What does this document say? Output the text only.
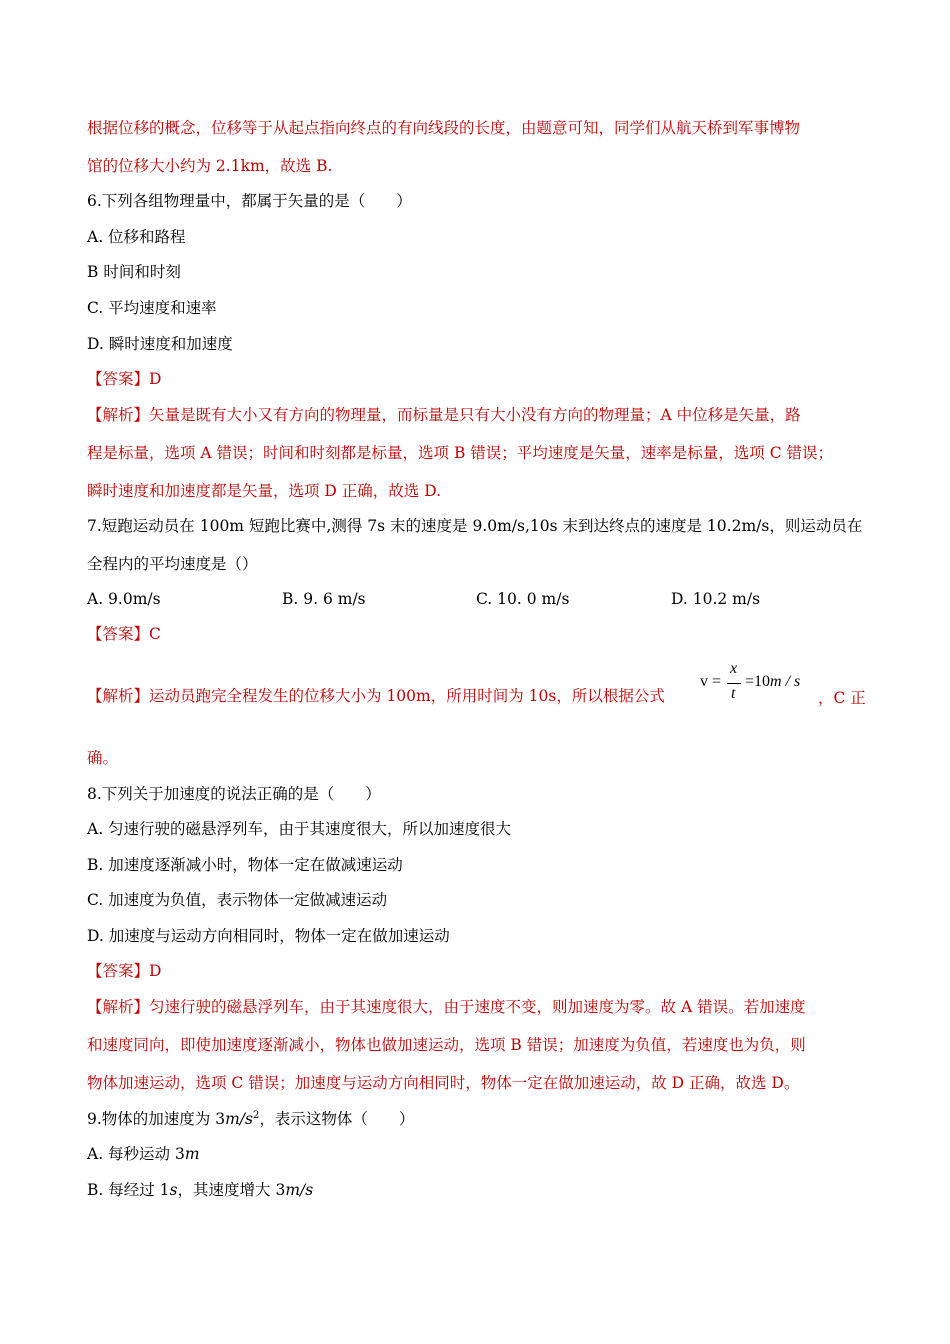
根据位移的概念，位移等于从起点指向终点的有向线段的长度，由题意可知，同学们从航天桥到军事博物
馆的位移大小约为 2.1km，故选 B.
6.下列各组物理量中，都属于矢量的是（　　）
A. 位移和路程
B 时间和时刻
C. 平均速度和速率
D. 瞬时速度和加速度
【答案】D
【解析】矢量是既有大小又有方向的物理量，而标量是只有大小没有方向的物理量；A 中位移是矢量，路
程是标量，选项 A 错误；时间和时刻都是标量，选项 B 错误；平均速度是矢量，速率是标量，选项 C 错误；
瞬时速度和加速度都是矢量，选项 D 正确，故选 D.
7.短跑运动员在 100m 短跑比赛中,测得 7s 末的速度是 9.0m/s,10s 末到达终点的速度是 10.2m/s，则运动员在
全程内的平均速度是（）
A. 9.0m/s	B. 9. 6 m/s	C. 10. 0 m/s	D. 10.2 m/s
【答案】C
【解析】运动员跑完全程发生的位移大小为 100m，所用时间为 10s，所以根据公式
v =
x
t
=10m / s
，C 正
确。
8.下列关于加速度的说法正确的是（　　）
A. 匀速行驶的磁悬浮列车，由于其速度很大，所以加速度很大
B. 加速度逐渐减小时，物体一定在做减速运动
C. 加速度为负值，表示物体一定做减速运动
D. 加速度与运动方向相同时，物体一定在做加速运动
【答案】D
【解析】匀速行驶的磁悬浮列车，由于其速度很大，由于速度不变，则加速度为零。故 A 错误。若加速度
和速度同向，即使加速度逐渐减小，物体也做加速运动，选项 B 错误；加速度为负值，若速度也为负，则
物体加速运动，选项 C 错误；加速度与运动方向相同时，物体一定在做加速运动，故 D 正确，故选 D。
9.物体的加速度为 $3m/s^2$，表示这物体（　　）
A. 每秒运动 3m
B. 每经过 1s，其速度增大 3m/s
